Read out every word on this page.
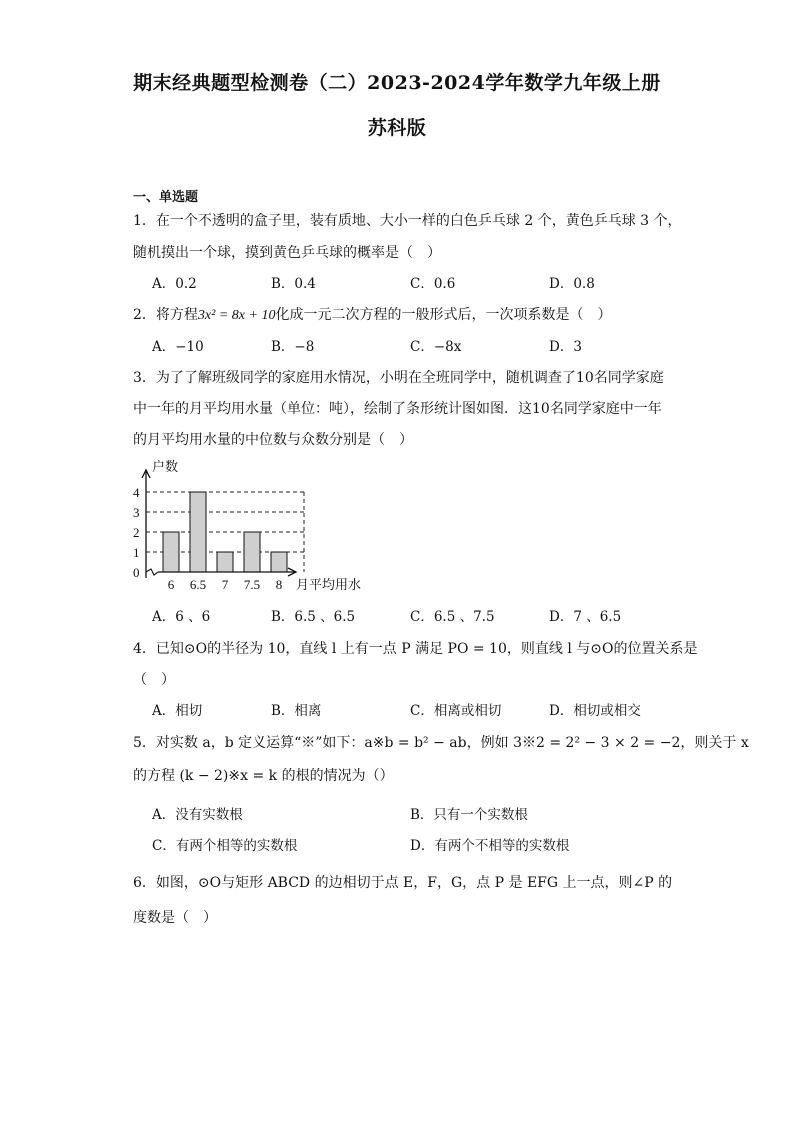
期末经典题型检测卷（二）2023-2024学年数学九年级上册
苏科版
一、单选题
1．在一个不透明的盒子里，装有质地、大小一样的白色乒乓球 2 个，黄色乒乓球 3 个，
随机摸出一个球，摸到黄色乒乓球的概率是（　）
A．0.2	B．0.4	C．0.6	D．0.8
2．将方程3x² = 8x + 10化成一元二次方程的一般形式后，一次项系数是（　）
A．−10	B．−8	C．−8x	D．3
3．为了了解班级同学的家庭用水情况，小明在全班同学中，随机调查了10名同学家庭
中一年的月平均用水量（单位：吨），绘制了条形统计图如图．这10名同学家庭中一年
的月平均用水量的中位数与众数分别是（　）
0
1
2
3
4
6 6.5 7 7.5 8
户数
月平均用水
A．6 、6	B．6.5 、6.5	C．6.5 、7.5	D．7 、6.5
4．已知⊙O的半径为 10，直线 l 上有一点 P 满足 PO = 10，则直线 l 与⊙O的位置关系是
（　）
A．相切	B．相离	C．相离或相切	D．相切或相交
5．对实数 a，b 定义运算“※”如下：a※b = b² − ab，例如 3※2 = 2² − 3 × 2 = −2，则关于 x
的方程 (k − 2)※x = k 的根的情况为（）
A．没有实数根	B．只有一个实数根
C．有两个相等的实数根	D．有两个不相等的实数根
6．如图，⊙O与矩形 ABCD 的边相切于点 E，F，G，点 P 是 EFG 上一点，则∠P 的
度数是（　）
